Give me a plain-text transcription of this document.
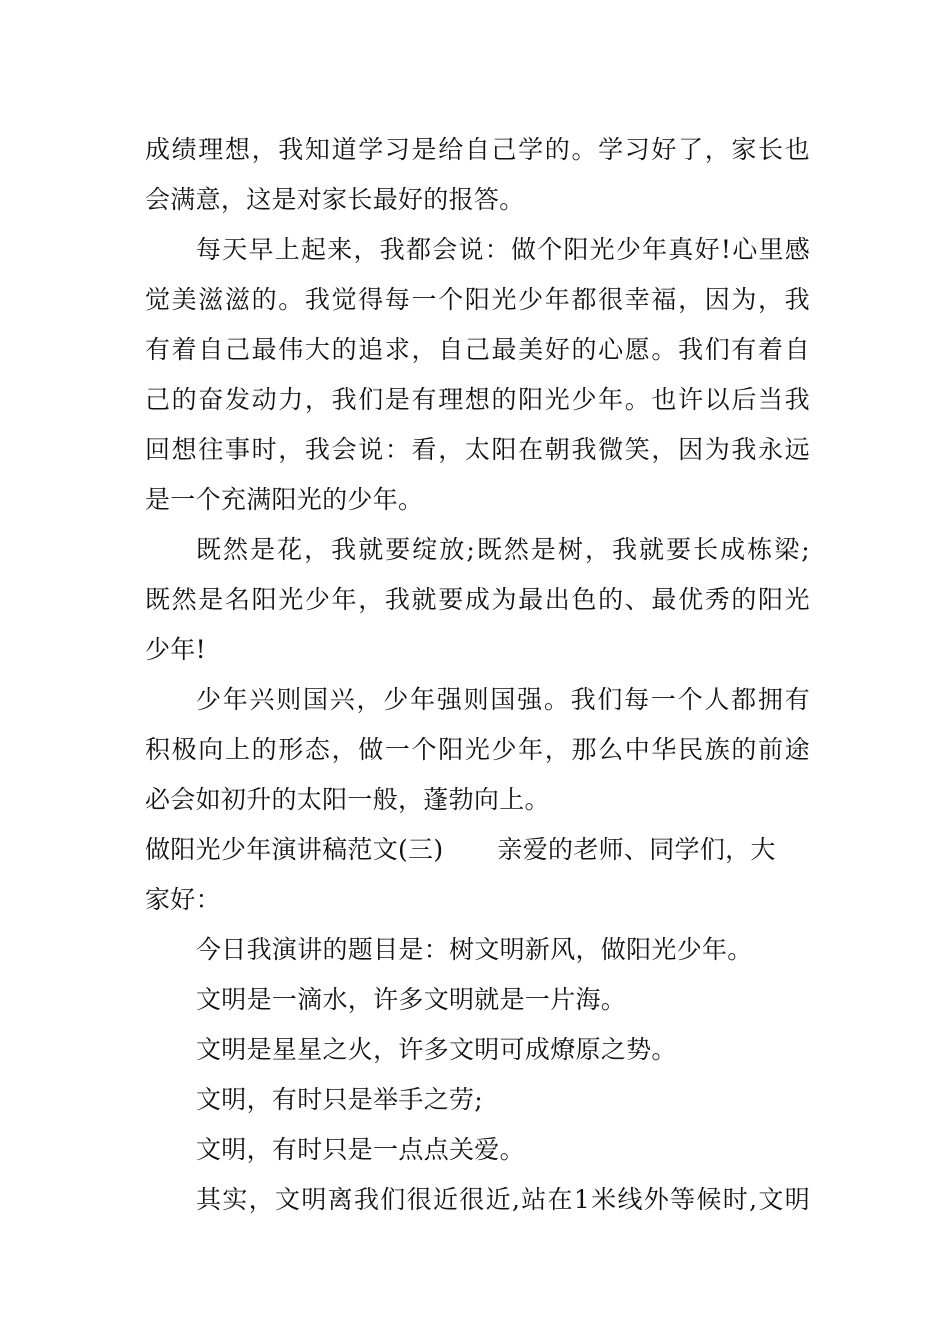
成绩理想，我知道学习是给自己学的。学习好了，家长也
会满意，这是对家长最好的报答。
每天早上起来，我都会说：做个阳光少年真好!心里感
觉美滋滋的。我觉得每一个阳光少年都很幸福，因为，我
有着自己最伟大的追求，自己最美好的心愿。我们有着自
己的奋发动力，我们是有理想的阳光少年。也许以后当我
回想往事时，我会说：看，太阳在朝我微笑，因为我永远
是一个充满阳光的少年。
既然是花，我就要绽放;既然是树，我就要长成栋梁;
既然是名阳光少年，我就要成为最出色的、最优秀的阳光
少年!
少年兴则国兴，少年强则国强。我们每一个人都拥有
积极向上的形态，做一个阳光少年，那么中华民族的前途
必会如初升的太阳一般，蓬勃向上。
做阳光少年演讲稿范文(三) 亲爱的老师、同学们，大
家好：
今日我演讲的题目是：树文明新风，做阳光少年。
文明是一滴水，许多文明就是一片海。
文明是星星之火，许多文明可成燎原之势。
文明，有时只是举手之劳;
文明，有时只是一点点关爱。
其实，文明离我们很近很近,站在1米线外等候时,文明
